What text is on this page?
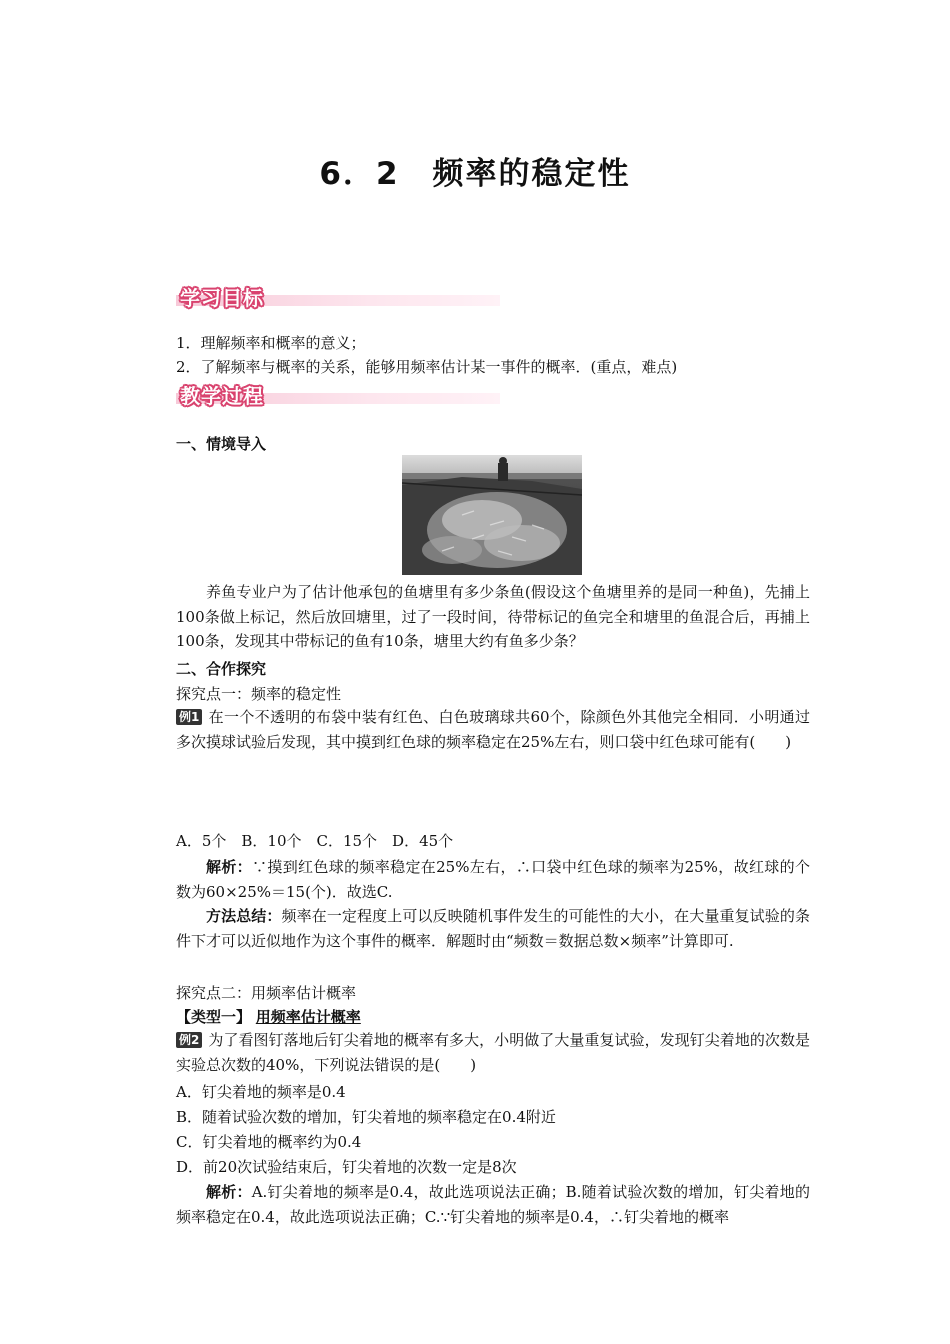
6．2　频率的稳定性
学习目标
1．理解频率和概率的意义；
2．了解频率与概率的关系，能够用频率估计某一事件的概率．(重点，难点)
教学过程
一、情境导入
养鱼专业户为了估计他承包的鱼塘里有多少条鱼(假设这个鱼塘里养的是同一种鱼)，先捕上100条做上标记，然后放回塘里，过了一段时间，待带标记的鱼完全和塘里的鱼混合后，再捕上100条，发现其中带标记的鱼有10条，塘里大约有鱼多少条？
二、合作探究
探究点一：频率的稳定性
例1 在一个不透明的布袋中装有红色、白色玻璃球共60个，除颜色外其他完全相同．小明通过多次摸球试验后发现，其中摸到红色球的频率稳定在25%左右，则口袋中红色球可能有(　　)
A．5个　B．10个　C．15个　D．45个
解析：∵摸到红色球的频率稳定在25%左右，∴口袋中红色球的频率为25%，故红球的个数为60×25%＝15(个)．故选C.
方法总结：频率在一定程度上可以反映随机事件发生的可能性的大小，在大量重复试验的条件下才可以近似地作为这个事件的概率．解题时由“频数＝数据总数×频率”计算即可.
探究点二：用频率估计概率
【类型一】 用频率估计概率
例2 为了看图钉落地后钉尖着地的概率有多大，小明做了大量重复试验，发现钉尖着地的次数是实验总次数的40%，下列说法错误的是(　　)
A．钉尖着地的频率是0.4
B．随着试验次数的增加，钉尖着地的频率稳定在0.4附近
C．钉尖着地的概率约为0.4
D．前20次试验结束后，钉尖着地的次数一定是8次
解析：A.钉尖着地的频率是0.4，故此选项说法正确；B.随着试验次数的增加，钉尖着地的频率稳定在0.4，故此选项说法正确；C.∵钉尖着地的频率是0.4，∴钉尖着地的概率
